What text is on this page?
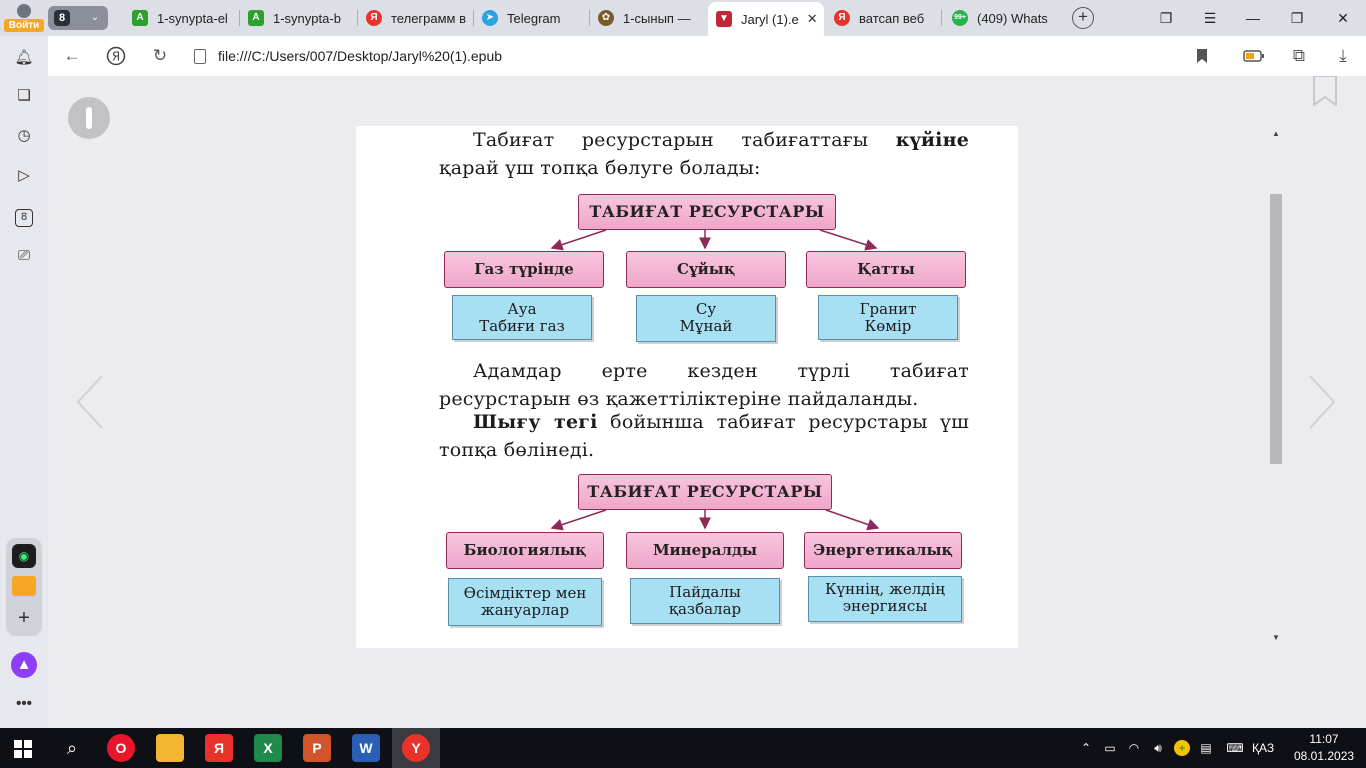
Войти
8	⌄	A	1-synypta-el	A	1-synypta-b	Я	телеграмм в	➤ Telegram	✿ 1-сынып —	▼ Jaryl (1).e ✕	Я	ватсап веб	99+ (409) Whats	+	❐ ☰ — ❐ ✕
←	Я ↻	file:///C:/Users/007/Desktop/Jaryl%20(1).epub	⧉	⤓
🔔︎
❏
◷
▷
8
⎚
◉
+
▲
•••
Табиғат ресурстарын табиғаттағы күйіне қарай үш топқа бөлуге болады:
ТАБИҒАТ РЕСУРСТАРЫ
Газ түрінде	Сұйық	Қатты
Ауа
Табиғи газ
Су
Мұнай
Гранит
Көмір
Адамдар ерте кезден түрлі табиғат ресурстарын өз қажеттіліктеріне пайдаланды.
Шығу тегі бойынша табиғат ресурстары үш топқа бөлінеді.
ТАБИҒАТ РЕСУРСТАРЫ
Биологиялық	Минералды	Энергетикалық
Өсімдіктер мен
жануарлар
Пайдалы
қазбалар
Күннің, желдің
энергиясы
▲
▼
⌕	O	Я	X	P	W	Y	⌃ ▭ ◠	🔊︎	+	▤ ⌨ ҚАЗ
11:07
08.01.2023
